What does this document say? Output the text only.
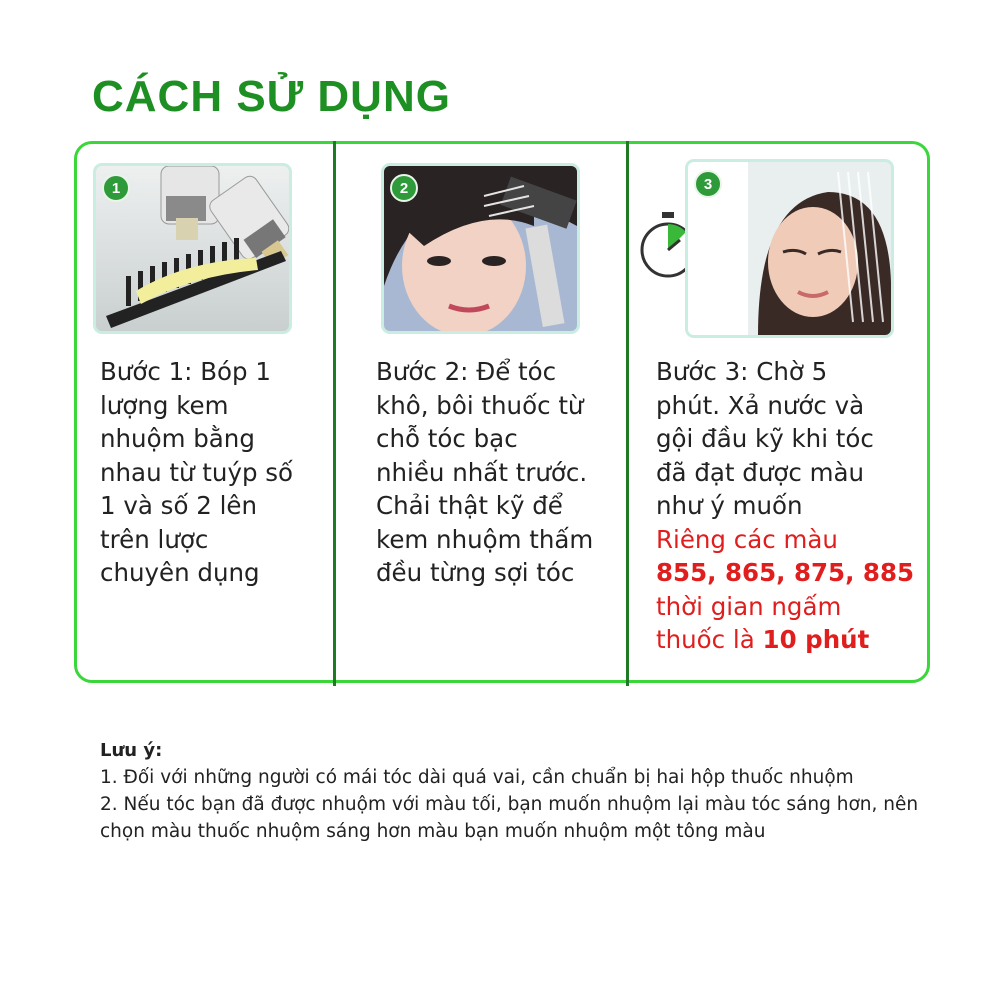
CÁCH SỬ DỤNG
1
Bước 1: Bóp 1
lượng kem
nhuộm bằng
nhau từ tuýp số
1 và số 2 lên
trên lược
chuyên dụng
2
Bước 2: Để tóc
khô, bôi thuốc từ
chỗ tóc bạc
nhiều nhất trước.
Chải thật kỹ để
kem nhuộm thấm
đều từng sợi tóc
3
Bước 3: Chờ 5
phút. Xả nước và
gội đầu kỹ khi tóc
đã đạt được màu
như ý muốn
Riêng các màu
855, 865, 875, 885
thời gian ngấm
thuốc là 10 phút

Lưu ý:

1. Đối với những người có mái tóc dài quá vai, cần chuẩn bị hai hộp thuốc nhuộm

2. Nếu tóc bạn đã được nhuộm với màu tối, bạn muốn nhuộm lại màu tóc sáng hơn, nên chọn màu thuốc nhuộm sáng hơn màu bạn muốn nhuộm một tông màu
